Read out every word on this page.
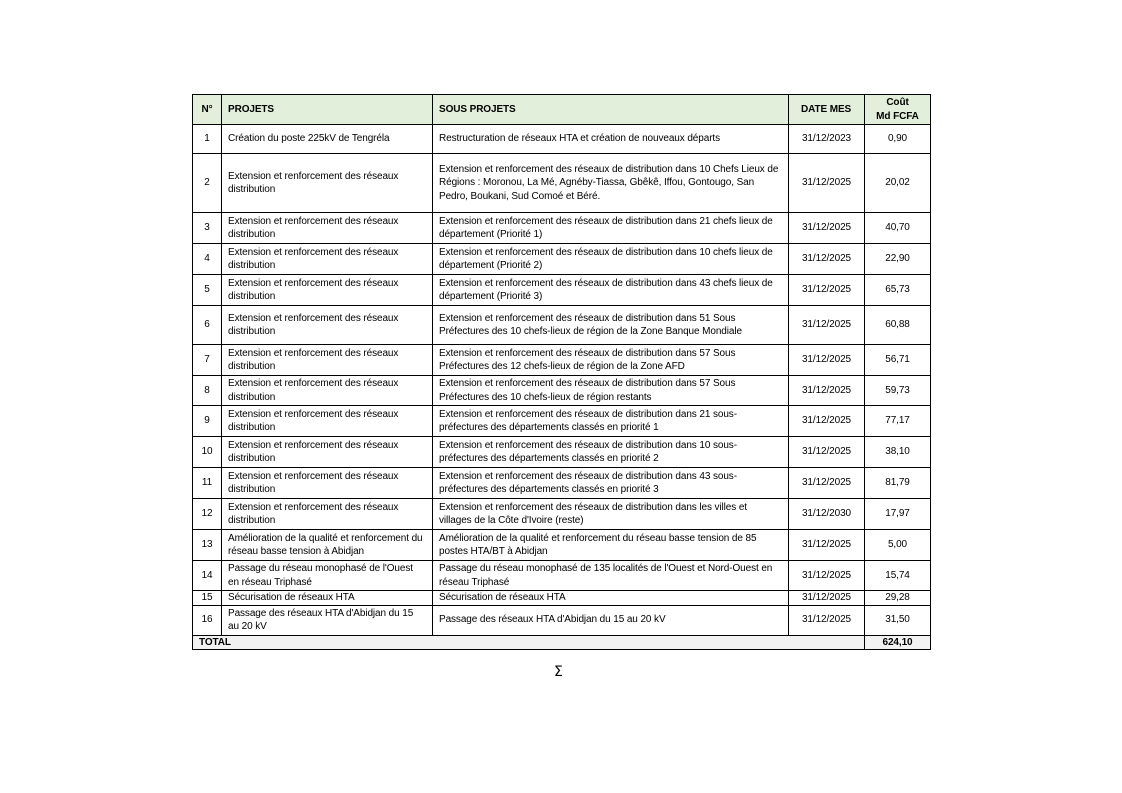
N°	PROJETS	SOUS PROJETS	DATE MES	Coût
Md FCFA

1	Création du poste 225kV de Tengréla	Restructuration de réseaux HTA et création de nouveaux départs	31/12/2023	0,90
2	Extension et renforcement des réseaux distribution	Extension et renforcement des réseaux de distribution dans 10 Chefs Lieux de Régions : Moronou, La Mé, Agnéby-Tiassa, Gbêkê, Iffou, Gontougo, San Pedro, Boukani, Sud Comoé et Béré.	31/12/2025	20,02
3	Extension et renforcement des réseaux distribution	Extension et renforcement des réseaux de distribution dans 21 chefs lieux de département (Priorité 1)	31/12/2025	40,70
4	Extension et renforcement des réseaux distribution	Extension et renforcement des réseaux de distribution dans 10 chefs lieux de département (Priorité 2)	31/12/2025	22,90
5	Extension et renforcement des réseaux distribution	Extension et renforcement des réseaux de distribution dans 43 chefs lieux de département (Priorité 3)	31/12/2025	65,73
6	Extension et renforcement des réseaux distribution	Extension et renforcement des réseaux de distribution dans 51 Sous Préfectures des 10 chefs-lieux de région de la Zone Banque Mondiale	31/12/2025	60,88
7	Extension et renforcement des réseaux distribution	Extension et renforcement des réseaux de distribution dans 57 Sous Préfectures des 12 chefs-lieux de région de la Zone AFD	31/12/2025	56,71
8	Extension et renforcement des réseaux distribution	Extension et renforcement des réseaux de distribution dans 57 Sous Préfectures des 10 chefs-lieux de région restants	31/12/2025	59,73
9	Extension et renforcement des réseaux distribution	Extension et renforcement des réseaux de distribution dans 21 sous-préfectures des départements classés en priorité 1	31/12/2025	77,17
10	Extension et renforcement des réseaux distribution	Extension et renforcement des réseaux de distribution dans 10 sous-préfectures des départements classés en priorité 2	31/12/2025	38,10
11	Extension et renforcement des réseaux distribution	Extension et renforcement des réseaux de distribution dans 43 sous-préfectures des départements classés en priorité 3	31/12/2025	81,79
12	Extension et renforcement des réseaux distribution	Extension et renforcement des réseaux de distribution dans les villes et villages de la Côte d'Ivoire (reste)	31/12/2030	17,97
13	Amélioration de la qualité et renforcement du réseau basse tension à Abidjan	Amélioration de la qualité et renforcement du réseau basse tension de 85 postes HTA/BT à Abidjan	31/12/2025	5,00
14	Passage du réseau monophasé de l'Ouest en réseau Triphasé	Passage du réseau monophasé de 135 localités de l'Ouest et Nord-Ouest en réseau Triphasé	31/12/2025	15,74
15	Sécurisation de réseaux HTA	Sécurisation de réseaux HTA	31/12/2025	29,28
16	Passage des réseaux HTA d'Abidjan du 15 au 20 kV	Passage des réseaux HTA d'Abidjan du 15 au 20 kV	31/12/2025	31,50
TOTAL				624,10
Σ
